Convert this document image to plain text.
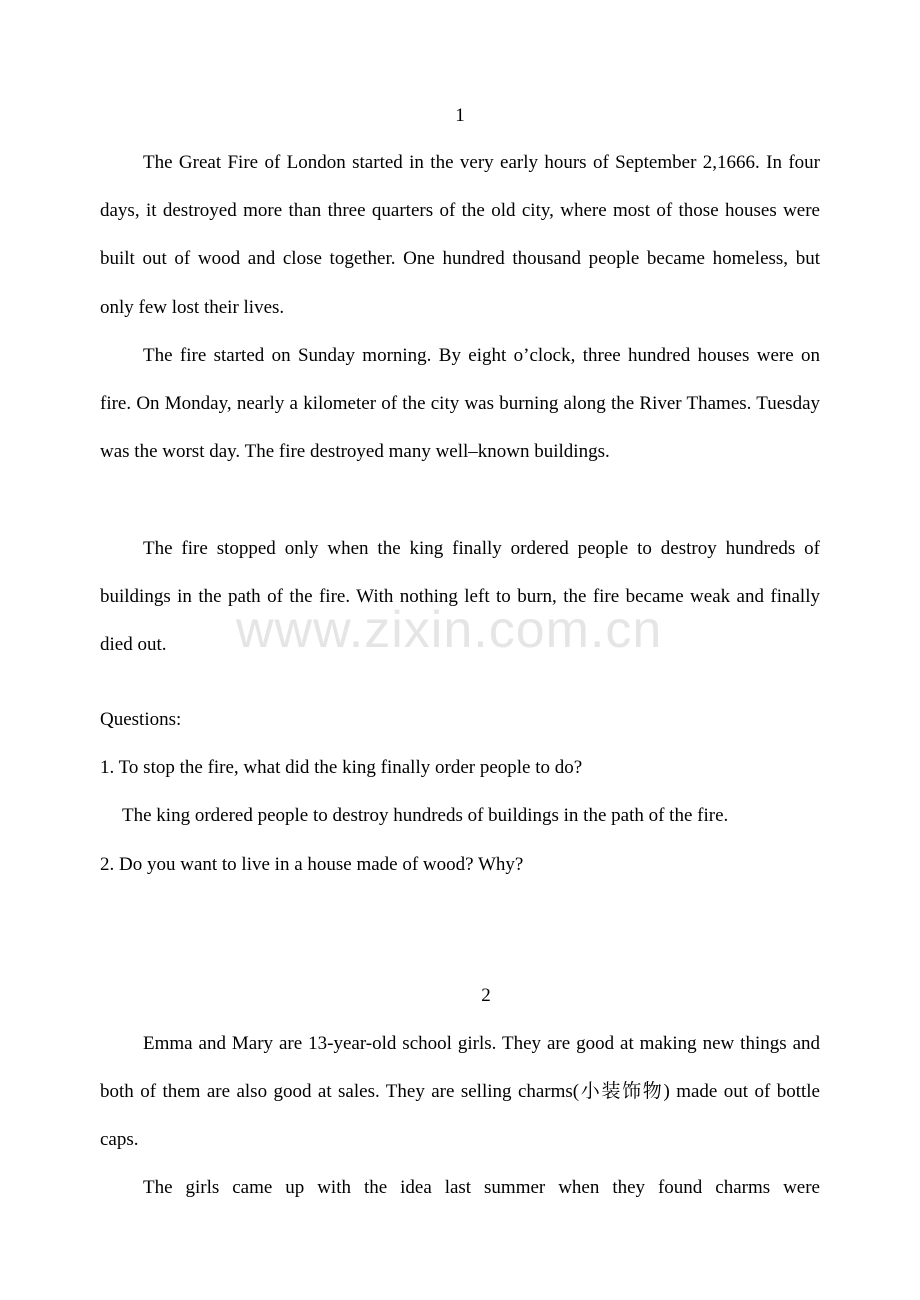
1

The Great Fire of London started in the very early hours of September 2,1666. In four days, it destroyed more than three quarters of the old city, where most of those houses were built out of wood and close together. One hundred thousand people became homeless, but only few lost their lives.

The fire started on Sunday morning. By eight o’clock, three hundred houses were on fire. On Monday, nearly a kilometer of the city was burning along the River Thames. Tuesday was the worst day. The fire destroyed many well–known buildings.

The fire stopped only when the king finally ordered people to destroy hundreds of buildings in the path of the fire. With nothing left to burn, the fire became weak and finally died out.

Questions:
1. To stop the fire, what did the king finally order people to do?
The king ordered people to destroy hundreds of buildings in the path of the fire.
2. Do you want to live in a house made of wood? Why?
2

Emma and Mary are 13-year-old school girls. They are good at making new things and both of them are also good at sales. They are selling charms(小装饰物) made out of bottle caps.

The girls came up with the idea last summer when they found charms were

www.zixin.com.cn
